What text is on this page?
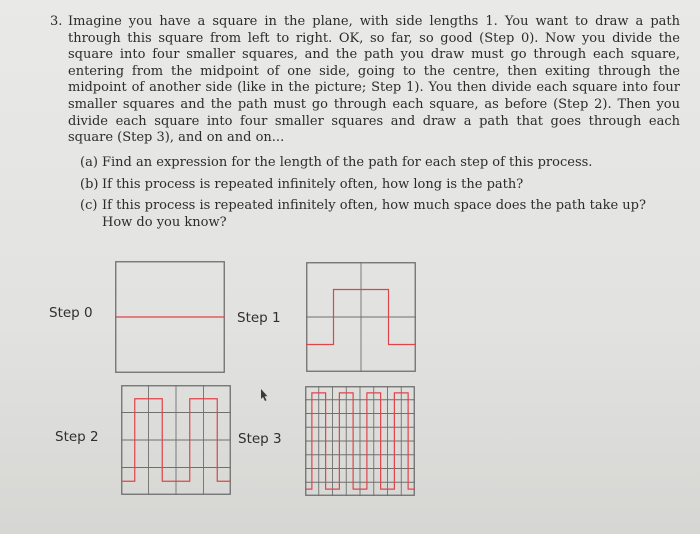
3. Imagine you have a square in the plane, with side lengths 1. You want to draw a path through this square from left to right. OK, so far, so good (Step 0). Now you divide the square into four smaller squares, and the path you draw must go through each square, entering from the midpoint of one side, going to the centre, then exiting through the midpoint of another side (like in the picture; Step 1). You then divide each square into four smaller squares and the path must go through each square, as before (Step 2). Then you divide each square into four smaller squares and draw a path that goes through each square (Step 3), and on and on...
(a) Find an expression for the length of the path for each step of this process.
(b) If this process is repeated infinitely often, how long is the path?
(c) If this process is repeated infinitely often, how much space does the path take up? How do you know?
Step 0	Step 1
Step 2	Step 3
